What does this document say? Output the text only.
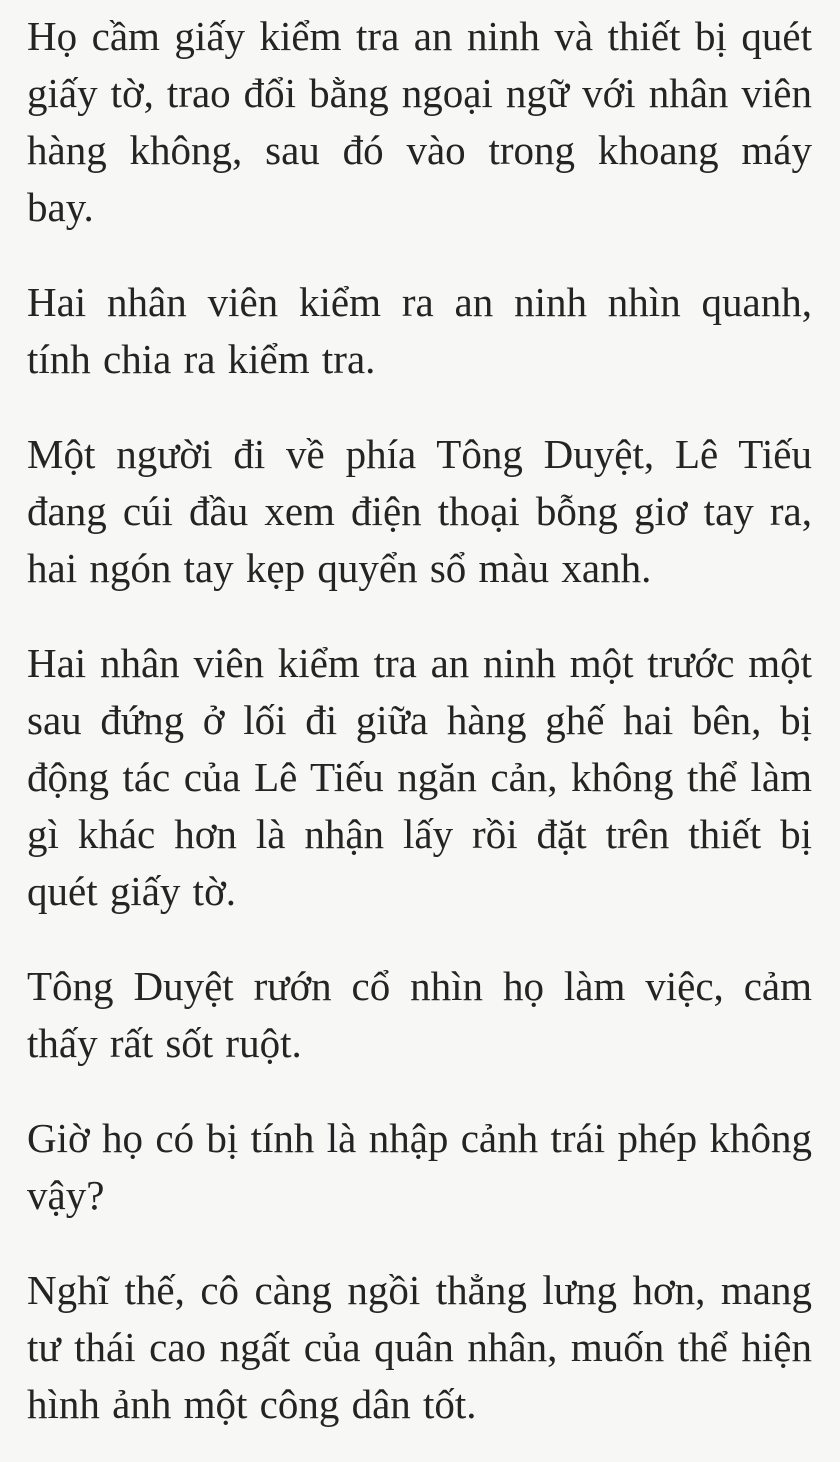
Họ cầm giấy kiểm tra an ninh và thiết bị quét giấy tờ, trao đổi bằng ngoại ngữ với nhân viên hàng không, sau đó vào trong khoang máy bay.

Hai nhân viên kiểm ra an ninh nhìn quanh, tính chia ra kiểm tra.

Một người đi về phía Tông Duyệt, Lê Tiếu đang cúi đầu xem điện thoại bỗng giơ tay ra, hai ngón tay kẹp quyển sổ màu xanh.

Hai nhân viên kiểm tra an ninh một trước một sau đứng ở lối đi giữa hàng ghế hai bên, bị động tác của Lê Tiếu ngăn cản, không thể làm gì khác hơn là nhận lấy rồi đặt trên thiết bị quét giấy tờ.

Tông Duyệt rướn cổ nhìn họ làm việc, cảm thấy rất sốt ruột.

Giờ họ có bị tính là nhập cảnh trái phép không vậy?

Nghĩ thế, cô càng ngồi thẳng lưng hơn, mang tư thái cao ngất của quân nhân, muốn thể hiện hình ảnh một công dân tốt.
